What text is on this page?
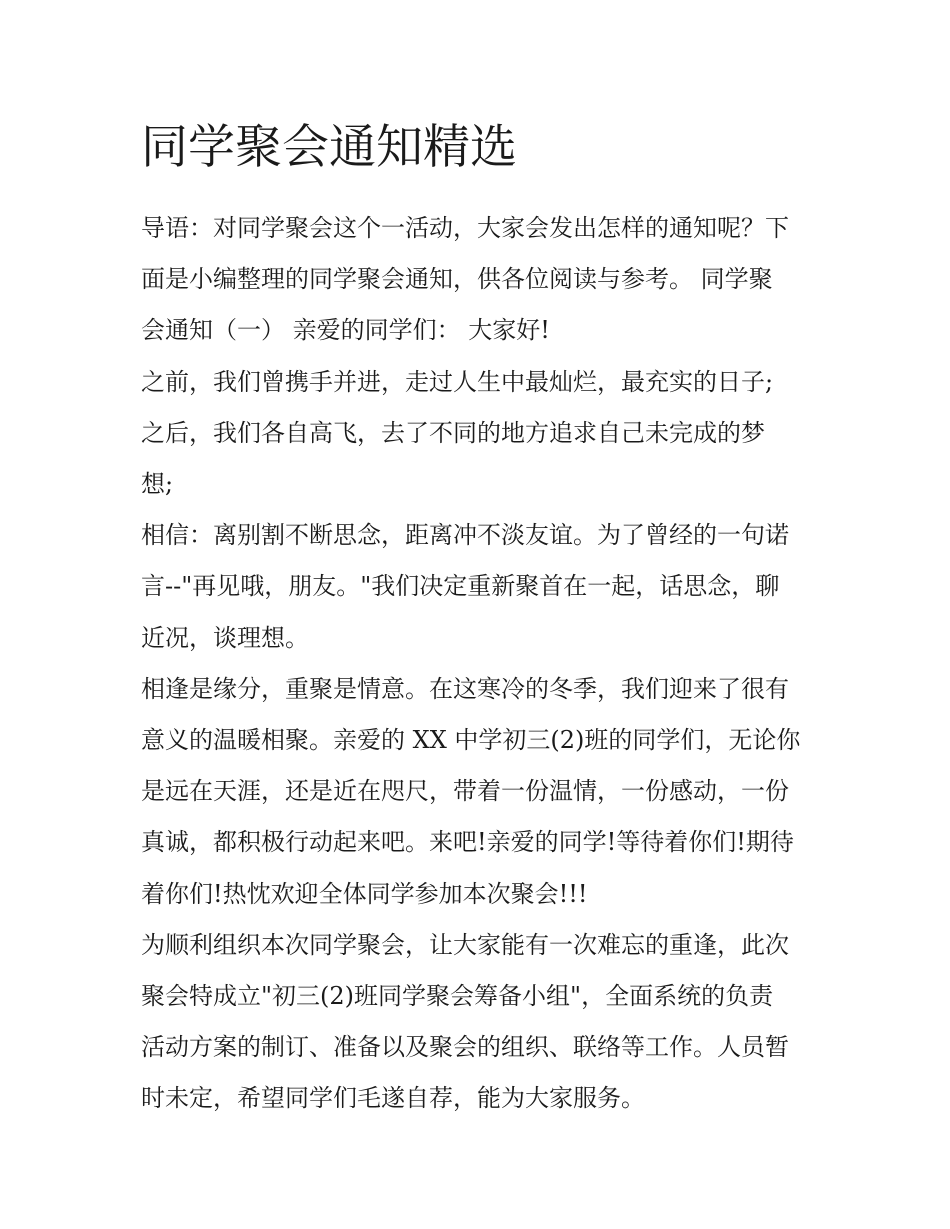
同学聚会通知精选
导语：对同学聚会这个一活动，大家会发出怎样的通知呢？下
面是小编整理的同学聚会通知，供各位阅读与参考。 同学聚
会通知（一） 亲爱的同学们： 大家好!
之前，我们曾携手并进，走过人生中最灿烂，最充实的日子;
之后，我们各自高飞，去了不同的地方追求自己未完成的梦
想;
相信：离别割不断思念，距离冲不淡友谊。为了曾经的一句诺
言--"再见哦，朋友。"我们决定重新聚首在一起，话思念，聊
近况，谈理想。
相逢是缘分，重聚是情意。在这寒冷的冬季，我们迎来了很有
意义的温暖相聚。亲爱的 XX 中学初三(2)班的同学们，无论你
是远在天涯，还是近在咫尺，带着一份温情，一份感动，一份
真诚，都积极行动起来吧。来吧!亲爱的同学!等待着你们!期待
着你们!热忱欢迎全体同学参加本次聚会!!!
为顺利组织本次同学聚会，让大家能有一次难忘的重逢，此次
聚会特成立"初三(2)班同学聚会筹备小组"，全面系统的负责
活动方案的制订、准备以及聚会的组织、联络等工作。人员暂
时未定，希望同学们毛遂自荐，能为大家服务。
